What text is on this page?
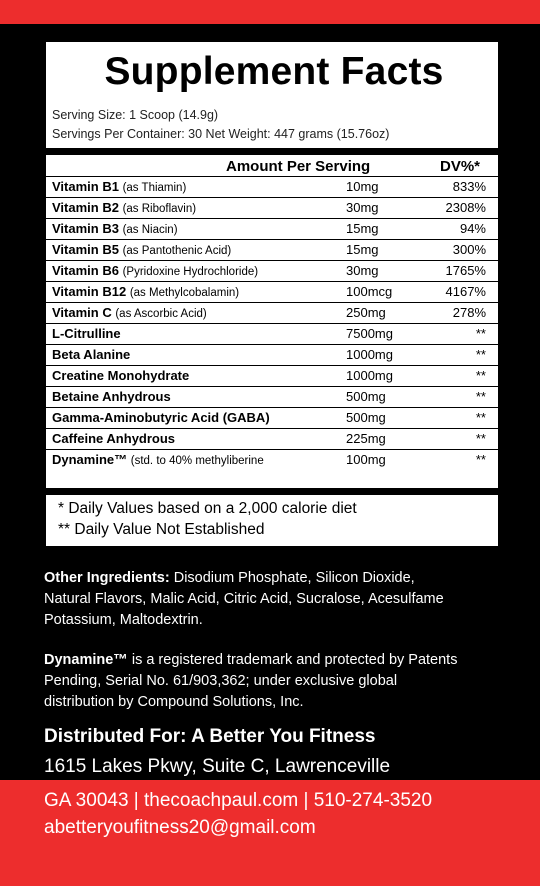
Supplement Facts
Serving Size: 1 Scoop (14.9g)
Servings Per Container: 30 Net Weight: 447 grams (15.76oz)
Amount Per Serving	DV%*
Vitamin B1 (as Thiamin)	10mg	833%
Vitamin B2 (as Riboflavin)	30mg	2308%
Vitamin B3 (as Niacin)	15mg	94%
Vitamin B5 (as Pantothenic Acid)	15mg	300%
Vitamin B6 (Pyridoxine Hydrochloride)	30mg	1765%
Vitamin B12 (as Methylcobalamin)	100mcg	4167%
Vitamin C (as Ascorbic Acid)	250mg	278%
L-Citrulline	7500mg	**
Beta Alanine	1000mg	**
Creatine Monohydrate	1000mg	**
Betaine Anhydrous	500mg	**
Gamma-Aminobutyric Acid (GABA)	500mg	**
Caffeine Anhydrous	225mg	**
Dynamine™ (std. to 40% methyliberine	100mg	**
* Daily Values based on a 2,000 calorie diet
** Daily Value Not Established
Other Ingredients: Disodium Phosphate, Silicon Dioxide,
Natural Flavors, Malic Acid, Citric Acid, Sucralose, Acesulfame
Potassium, Maltodextrin.
Dynamine™ is a registered trademark and protected by Patents
Pending, Serial No. 61/903,362; under exclusive global
distribution by Compound Solutions, Inc.
Distributed For: A Better You Fitness
1615 Lakes Pkwy, Suite C, Lawrenceville
GA 30043 | thecoachpaul.com | 510-274-3520
abetteryoufitness20@gmail.com
